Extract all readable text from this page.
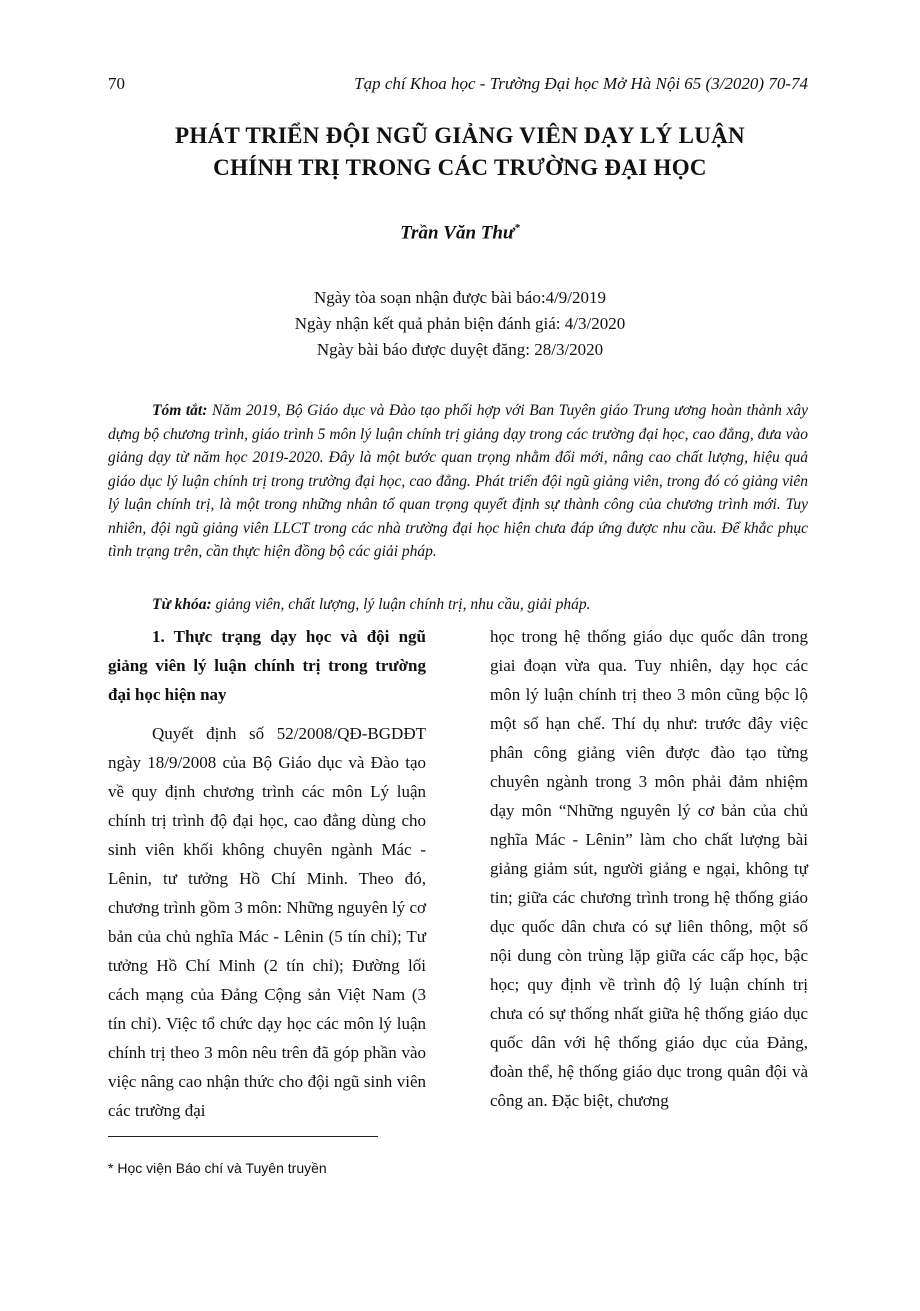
70	Tạp chí Khoa học - Trường Đại học Mở Hà Nội 65 (3/2020) 70-74
PHÁT TRIỂN ĐỘI NGŨ GIẢNG VIÊN DẠY LÝ LUẬN
CHÍNH TRỊ TRONG CÁC TRƯỜNG ĐẠI HỌC
Trần Văn Thư*
Ngày tòa soạn nhận được bài báo:4/9/2019
Ngày nhận kết quả phản biện đánh giá: 4/3/2020
Ngày bài báo được duyệt đăng: 28/3/2020
Tóm tắt: Năm 2019, Bộ Giáo dục và Đào tạo phối hợp với Ban Tuyên giáo Trung ương hoàn thành xây dựng bộ chương trình, giáo trình 5 môn lý luận chính trị giảng dạy trong các trường đại học, cao đẳng, đưa vào giảng dạy từ năm học 2019-2020. Đây là một bước quan trọng nhằm đổi mới, nâng cao chất lượng, hiệu quả giáo dục lý luận chính trị trong trường đại học, cao đẳng. Phát triển đội ngũ giảng viên, trong đó có giảng viên lý luận chính trị, là một trong những nhân tố quan trọng quyết định sự thành công của chương trình mới. Tuy nhiên, đội ngũ giảng viên LLCT trong các nhà trường đại học hiện chưa đáp ứng được nhu cầu. Để khắc phục tình trạng trên, cần thực hiện đồng bộ các giải pháp.
Từ khóa: giảng viên, chất lượng, lý luận chính trị, nhu cầu, giải pháp.

1. Thực trạng dạy học và đội ngũ giảng viên lý luận chính trị trong trường đại học hiện nay

Quyết định số 52/2008/QĐ-BGDĐT ngày 18/9/2008 của Bộ Giáo dục và Đào tạo về quy định chương trình các môn Lý luận chính trị trình độ đại học, cao đẳng dùng cho sinh viên khối không chuyên ngành Mác - Lênin, tư tưởng Hồ Chí Minh. Theo đó, chương trình gồm 3 môn: Những nguyên lý cơ bản của chủ nghĩa Mác - Lênin (5 tín chỉ); Tư tưởng Hồ Chí Minh (2 tín chỉ); Đường lối cách mạng của Đảng Cộng sản Việt Nam (3 tín chỉ). Việc tổ chức dạy học các môn lý luận chính trị theo 3 môn nêu trên đã góp phần vào việc nâng cao nhận thức cho đội ngũ sinh viên các trường đại

học trong hệ thống giáo dục quốc dân trong giai đoạn vừa qua. Tuy nhiên, dạy học các môn lý luận chính trị theo 3 môn cũng bộc lộ một số hạn chế. Thí dụ như: trước đây việc phân công giảng viên được đào tạo từng chuyên ngành trong 3 môn phải đảm nhiệm dạy môn “Những nguyên lý cơ bản của chủ nghĩa Mác - Lênin” làm cho chất lượng bài giảng giảm sút, người giảng e ngại, không tự tin; giữa các chương trình trong hệ thống giáo dục quốc dân chưa có sự liên thông, một số nội dung còn trùng lặp giữa các cấp học, bậc học; quy định về trình độ lý luận chính trị chưa có sự thống nhất giữa hệ thống giáo dục quốc dân với hệ thống giáo dục của Đảng, đoàn thể, hệ thống giáo dục trong quân đội và công an. Đặc biệt, chương

* Học viện Báo chí và Tuyên truyền
